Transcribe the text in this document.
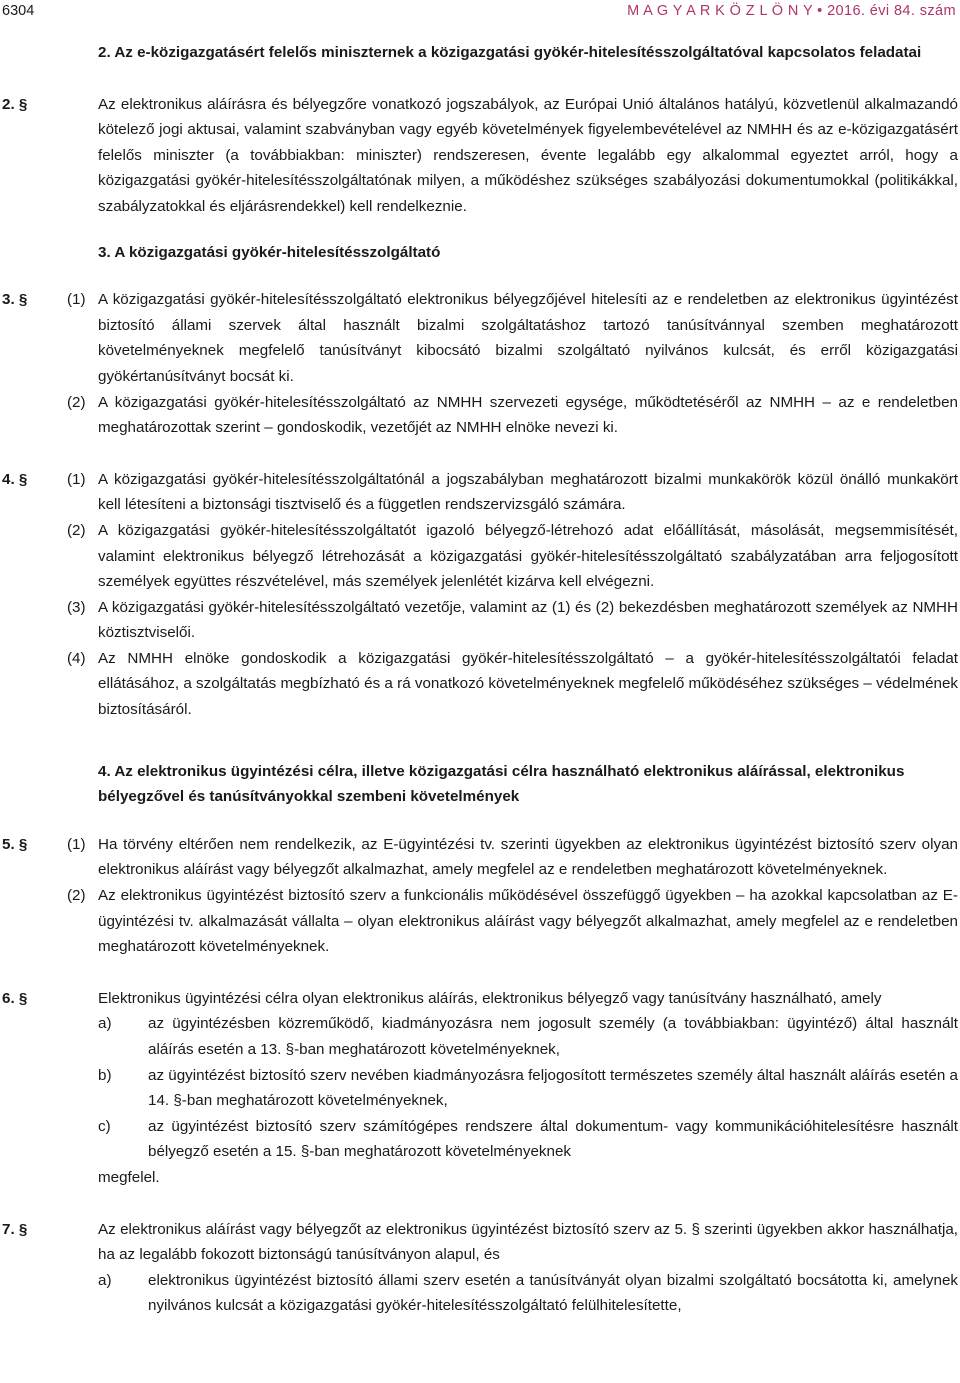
6304	M A G Y A R K Ö Z L Ö N Y • 2016. évi 84. szám
2. Az e-közigazgatásért felelős miniszternek a közigazgatási gyökér-hitelesítésszolgáltatóval kapcsolatos feladatai
2. §	Az elektronikus aláírásra és bélyegzőre vonatkozó jogszabályok, az Európai Unió általános hatályú, közvetlenül alkalmazandó kötelező jogi aktusai, valamint szabványban vagy egyéb követelmények figyelembevételével az NMHH és az e-közigazgatásért felelős miniszter (a továbbiakban: miniszter) rendszeresen, évente legalább egy alkalommal egyeztet arról, hogy a közigazgatási gyökér-hitelesítésszolgáltatónak milyen, a működéshez szükséges szabályozási dokumentumokkal (politikákkal, szabályzatokkal és eljárásrendekkel) kell rendelkeznie.
3. A közigazgatási gyökér-hitelesítésszolgáltató
3. §	(1) A közigazgatási gyökér-hitelesítésszolgáltató elektronikus bélyegzőjével hitelesíti az e rendeletben az elektronikus ügyintézést biztosító állami szervek által használt bizalmi szolgáltatáshoz tartozó tanúsítvánnyal szemben meghatározott követelményeknek megfelelő tanúsítványt kibocsátó bizalmi szolgáltató nyilvános kulcsát, és erről közigazgatási gyökértanúsítványt bocsát ki.
(2) A közigazgatási gyökér-hitelesítésszolgáltató az NMHH szervezeti egysége, működtetéséről az NMHH – az e rendeletben meghatározottak szerint – gondoskodik, vezetőjét az NMHH elnöke nevezi ki.
4. §	(1) A közigazgatási gyökér-hitelesítésszolgáltatónál a jogszabályban meghatározott bizalmi munkakörök közül önálló munkakört kell létesíteni a biztonsági tisztviselő és a független rendszervizsgáló számára.
(2) A közigazgatási gyökér-hitelesítésszolgáltatót igazoló bélyegző-létrehozó adat előállítását, másolását, megsemmisítését, valamint elektronikus bélyegző létrehozását a közigazgatási gyökér-hitelesítésszolgáltató szabályzatában arra feljogosított személyek együttes részvételével, más személyek jelenlétét kizárva kell elvégezni.
(3) A közigazgatási gyökér-hitelesítésszolgáltató vezetője, valamint az (1) és (2) bekezdésben meghatározott személyek az NMHH köztisztviselői.
(4) Az NMHH elnöke gondoskodik a közigazgatási gyökér-hitelesítésszolgáltató – a gyökér-hitelesítésszolgáltatói feladat ellátásához, a szolgáltatás megbízható és a rá vonatkozó követelményeknek megfelelő működéséhez szükséges – védelmének biztosításáról.
4. Az elektronikus ügyintézési célra, illetve közigazgatási célra használható elektronikus aláírással, elektronikus bélyegzővel és tanúsítványokkal szembeni követelmények
5. §	(1) Ha törvény eltérően nem rendelkezik, az E-ügyintézési tv. szerinti ügyekben az elektronikus ügyintézést biztosító szerv olyan elektronikus aláírást vagy bélyegzőt alkalmazhat, amely megfelel az e rendeletben meghatározott követelményeknek.
(2) Az elektronikus ügyintézést biztosító szerv a funkcionális működésével összefüggő ügyekben – ha azokkal kapcsolatban az E-ügyintézési tv. alkalmazását vállalta – olyan elektronikus aláírást vagy bélyegzőt alkalmazhat, amely megfelel az e rendeletben meghatározott követelményeknek.
6. §	Elektronikus ügyintézési célra olyan elektronikus aláírás, elektronikus bélyegző vagy tanúsítvány használható, amely
a) az ügyintézésben közreműködő, kiadmányozásra nem jogosult személy (a továbbiakban: ügyintéző) által használt aláírás esetén a 13. §-ban meghatározott követelményeknek,
b) az ügyintézést biztosító szerv nevében kiadmányozásra feljogosított természetes személy által használt aláírás esetén a 14. §-ban meghatározott követelményeknek,
c) az ügyintézést biztosító szerv számítógépes rendszere által dokumentum- vagy kommunikációhitelesítésre használt bélyegző esetén a 15. §-ban meghatározott követelményeknek
megfelel.
7. §	Az elektronikus aláírást vagy bélyegzőt az elektronikus ügyintézést biztosító szerv az 5. § szerinti ügyekben akkor használhatja, ha az legalább fokozott biztonságú tanúsítványon alapul, és
a) elektronikus ügyintézést biztosító állami szerv esetén a tanúsítványát olyan bizalmi szolgáltató bocsátotta ki, amelynek nyilvános kulcsát a közigazgatási gyökér-hitelesítésszolgáltató felülhitelesítette,
